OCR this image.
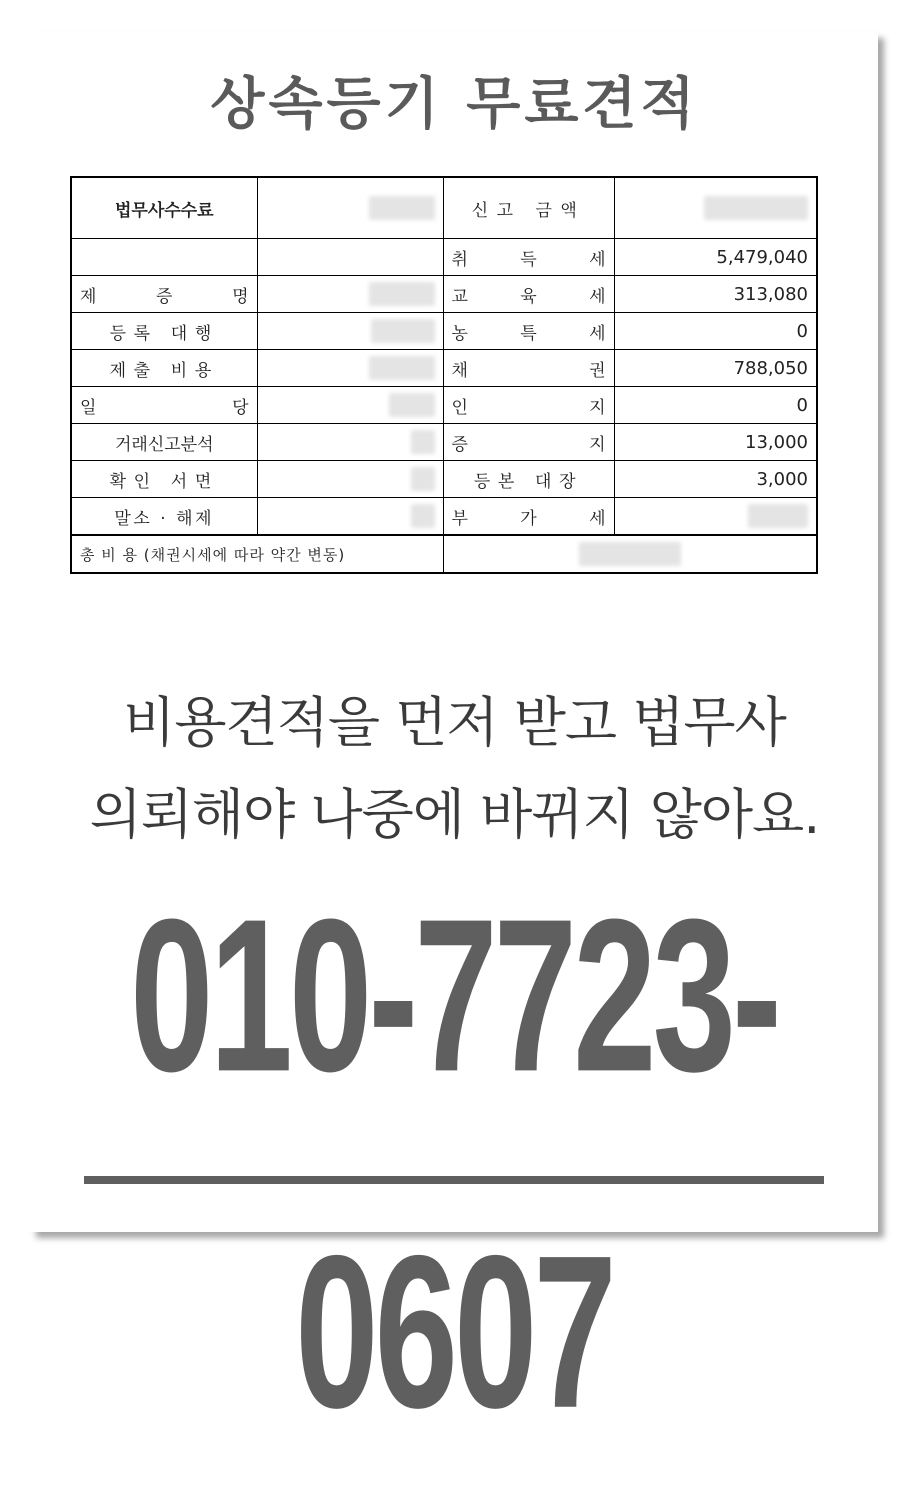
상속등기 무료견적
법무사수수료		신고 금액	
		취 득 세	5,479,040
제 증 명		교 육 세	313,080
등록 대행		농 특 세	0
제출 비용		채 권	788,050
일 당		인 지	0
거래신고분석		증 지	13,000
확인 서면		등본 대장	3,000
말소 · 해제		부 가 세	
총 비 용 (채권시세에 따라 약간 변동)			
비용견적을 먼저 받고 법무사
의뢰해야 나중에 바뀌지 않아요.
010-7723-0607
